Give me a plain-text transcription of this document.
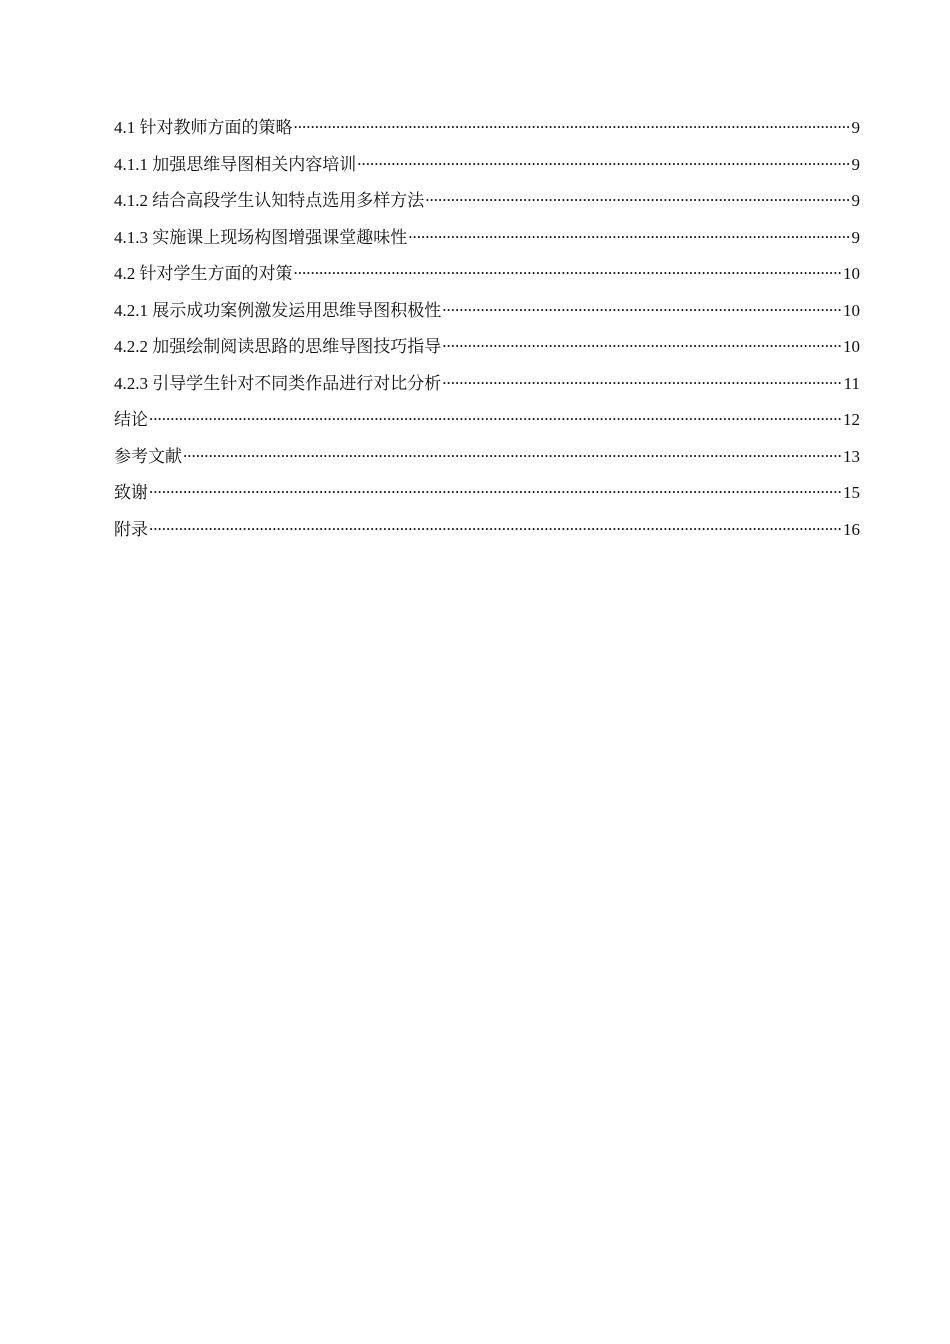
4.1 针对教师方面的策略 .....	9
4.1.1 加强思维导图相关内容培训 .....	9
4.1.2 结合高段学生认知特点选用多样方法 .....	9
4.1.3 实施课上现场构图增强课堂趣味性 .....	9
4.2 针对学生方面的对策 .....	10
4.2.1 展示成功案例激发运用思维导图积极性 .....	10
4.2.2 加强绘制阅读思路的思维导图技巧指导 .....	10
4.2.3 引导学生针对不同类作品进行对比分析 .....	11
结论 .....	12
参考文献 .....	13
致谢 .....	15
附录 .....	16
